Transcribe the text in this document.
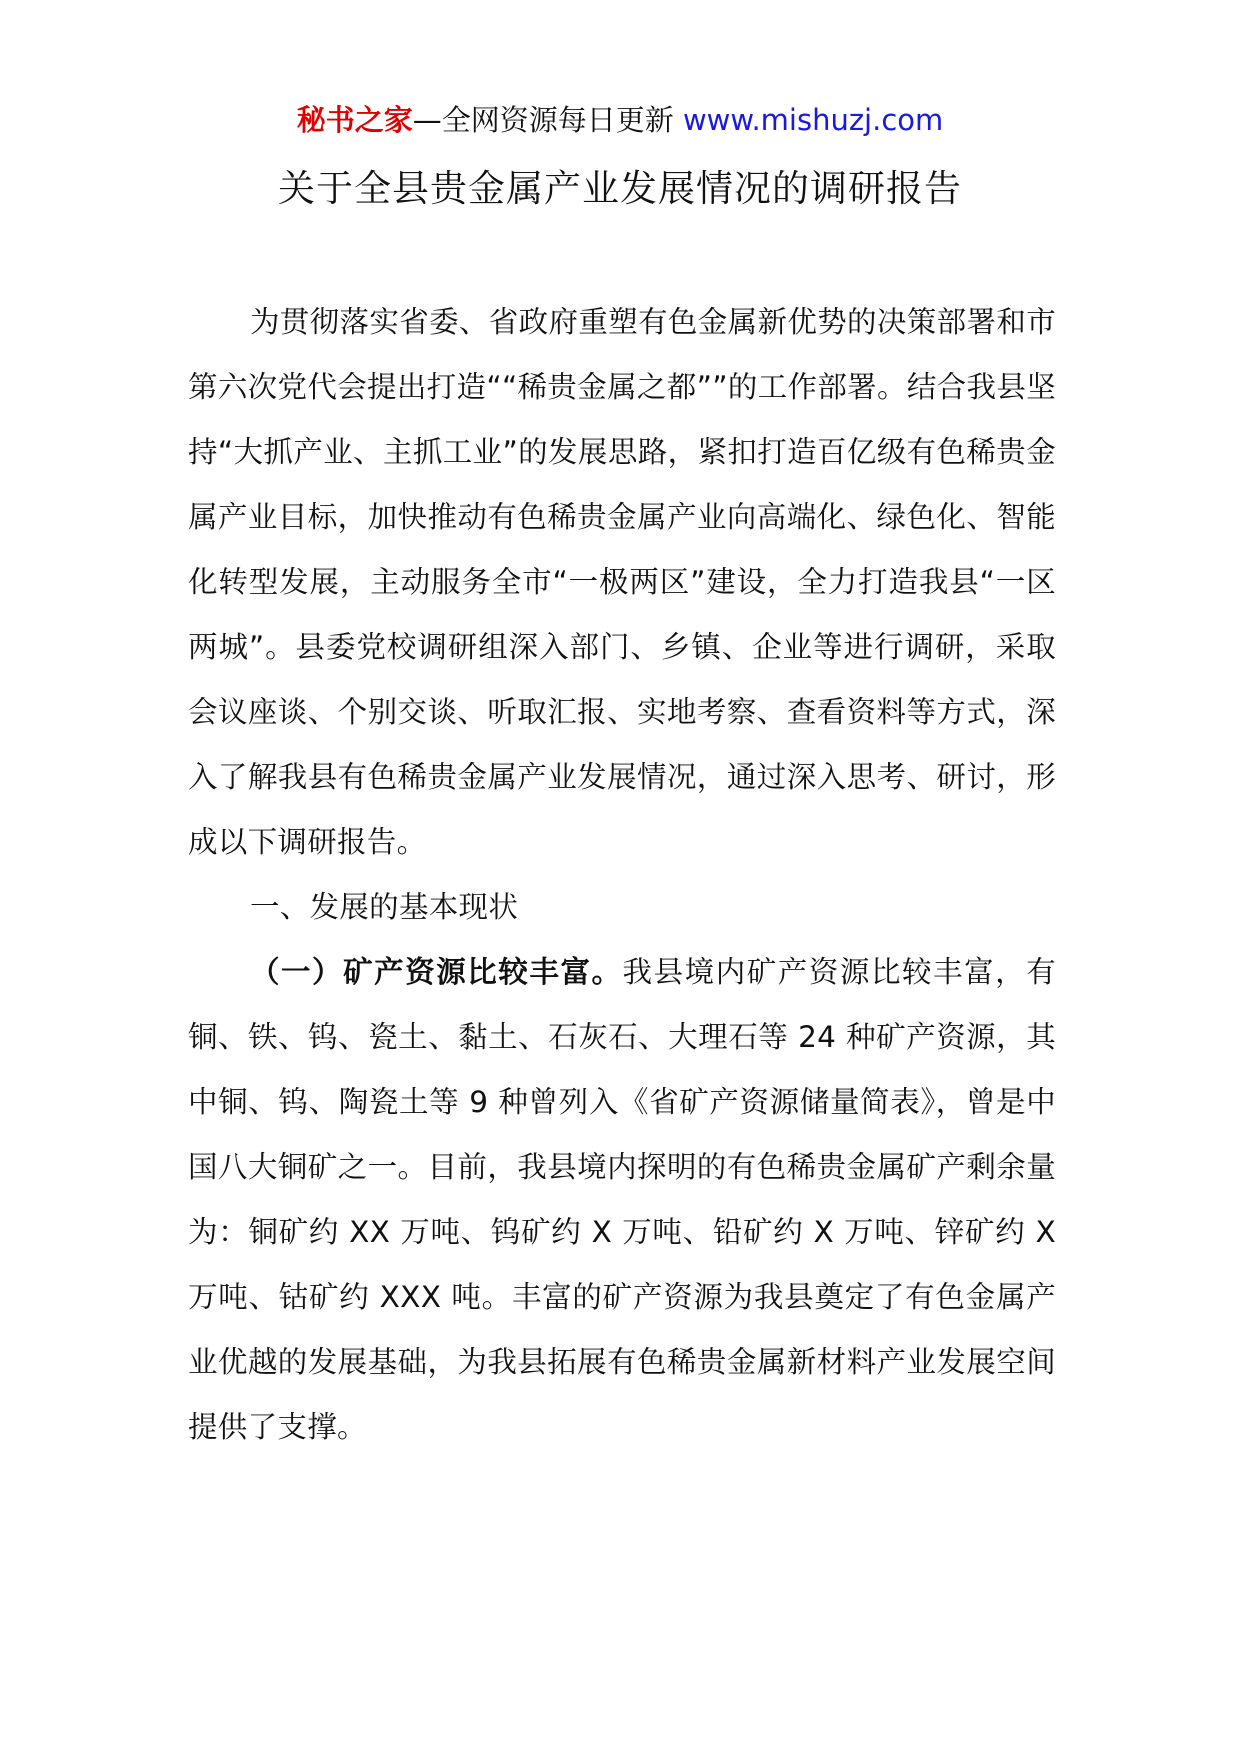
秘书之家—全网资源每日更新 www.mishuzj.com
关于全县贵金属产业发展情况的调研报告

为贯彻落实省委、省政府重塑有色金属新优势的决策部署和市第六次党代会提出打造““稀贵金属之都””的工作部署。结合我县坚持“大抓产业、主抓工业”的发展思路，紧扣打造百亿级有色稀贵金属产业目标，加快推动有色稀贵金属产业向高端化、绿色化、智能化转型发展，主动服务全市“一极两区”建设，全力打造我县“一区两城”。县委党校调研组深入部门、乡镇、企业等进行调研，采取会议座谈、个别交谈、听取汇报、实地考察、查看资料等方式，深入了解我县有色稀贵金属产业发展情况，通过深入思考、研讨，形成以下调研报告。

一、发展的基本现状

（一）矿产资源比较丰富。我县境内矿产资源比较丰富，有铜、铁、钨、瓷土、黏土、石灰石、大理石等 24 种矿产资源，其中铜、钨、陶瓷土等 9 种曾列入《省矿产资源储量简表》，曾是中国八大铜矿之一。目前，我县境内探明的有色稀贵金属矿产剩余量为：铜矿约 XX 万吨、钨矿约 X 万吨、铅矿约 X 万吨、锌矿约 X 万吨、钴矿约 XXX 吨。丰富的矿产资源为我县奠定了有色金属产业优越的发展基础，为我县拓展有色稀贵金属新材料产业发展空间提供了支撑。
